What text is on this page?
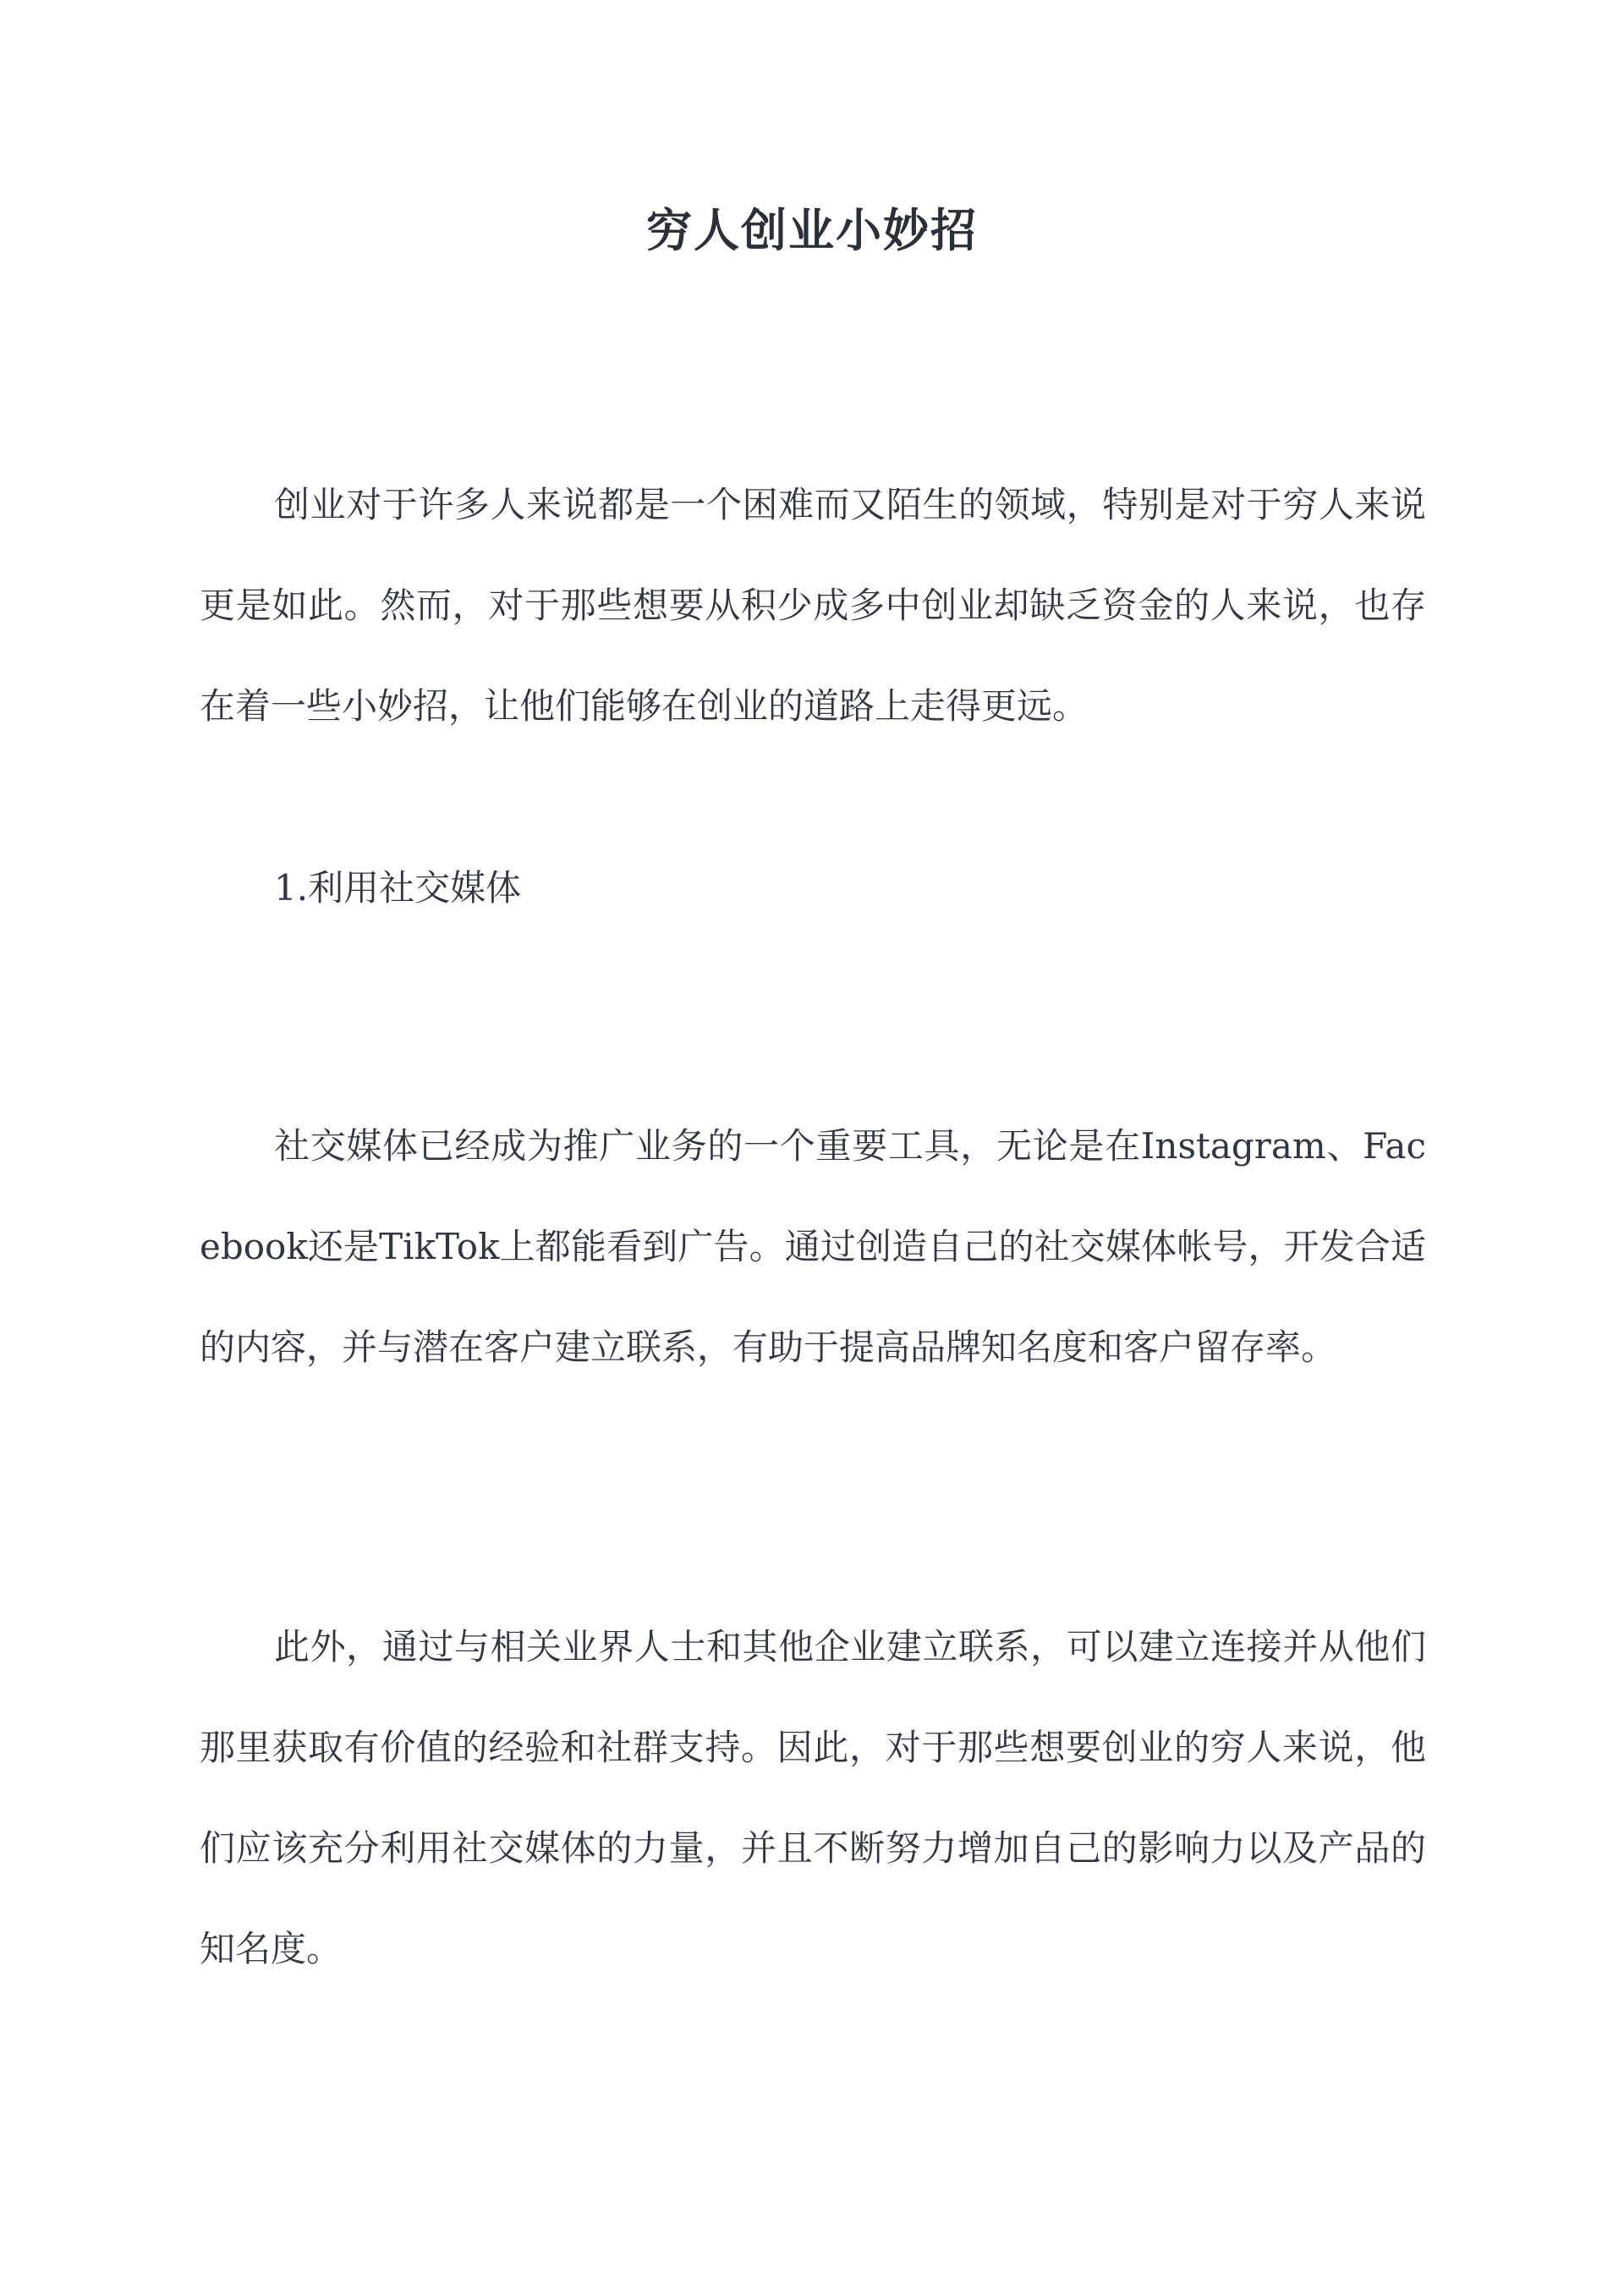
穷人创业小妙招

创业对于许多人来说都是一个困难而又陌生的领域，特别是对于穷人来说更是如此。然而，对于那些想要从积少成多中创业却缺乏资金的人来说，也存在着一些小妙招，让他们能够在创业的道路上走得更远。

1.利用社交媒体

社交媒体已经成为推广业务的一个重要工具，无论是在Instagram、Facebook还是TikTok上都能看到广告。通过创造自己的社交媒体帐号，开发合适的内容，并与潜在客户建立联系，有助于提高品牌知名度和客户留存率。

此外，通过与相关业界人士和其他企业建立联系，可以建立连接并从他们那里获取有价值的经验和社群支持。因此，对于那些想要创业的穷人来说，他们应该充分利用社交媒体的力量，并且不断努力增加自己的影响力以及产品的知名度。
